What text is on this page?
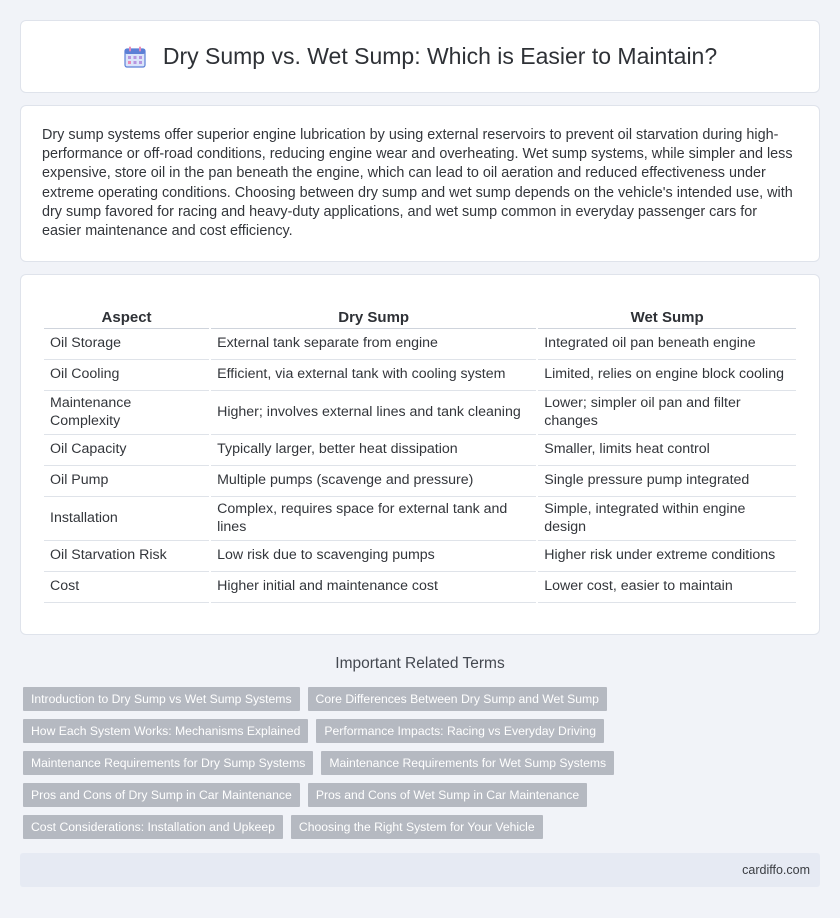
Dry Sump vs. Wet Sump: Which is Easier to Maintain?

Dry sump systems offer superior engine lubrication by using external reservoirs to prevent oil starvation during high-performance or off-road conditions, reducing engine wear and overheating. Wet sump systems, while simpler and less expensive, store oil in the pan beneath the engine, which can lead to oil aeration and reduced effectiveness under extreme operating conditions. Choosing between dry sump and wet sump depends on the vehicle's intended use, with dry sump favored for racing and heavy-duty applications, and wet sump common in everyday passenger cars for easier maintenance and cost efficiency.

Aspect	Dry Sump	Wet Sump
Oil Storage	External tank separate from engine	Integrated oil pan beneath engine
Oil Cooling	Efficient, via external tank with cooling system	Limited, relies on engine block cooling
Maintenance Complexity	Higher; involves external lines and tank cleaning	Lower; simpler oil pan and filter changes
Oil Capacity	Typically larger, better heat dissipation	Smaller, limits heat control
Oil Pump	Multiple pumps (scavenge and pressure)	Single pressure pump integrated
Installation	Complex, requires space for external tank and lines	Simple, integrated within engine design
Oil Starvation Risk	Low risk due to scavenging pumps	Higher risk under extreme conditions
Cost	Higher initial and maintenance cost	Lower cost, easier to maintain
Important Related Terms
Introduction to Dry Sump vs Wet Sump Systems	Core Differences Between Dry Sump and Wet Sump
How Each System Works: Mechanisms Explained	Performance Impacts: Racing vs Everyday Driving
Maintenance Requirements for Dry Sump Systems	Maintenance Requirements for Wet Sump Systems
Pros and Cons of Dry Sump in Car Maintenance	Pros and Cons of Wet Sump in Car Maintenance
Cost Considerations: Installation and Upkeep	Choosing the Right System for Your Vehicle
cardiffo.com
